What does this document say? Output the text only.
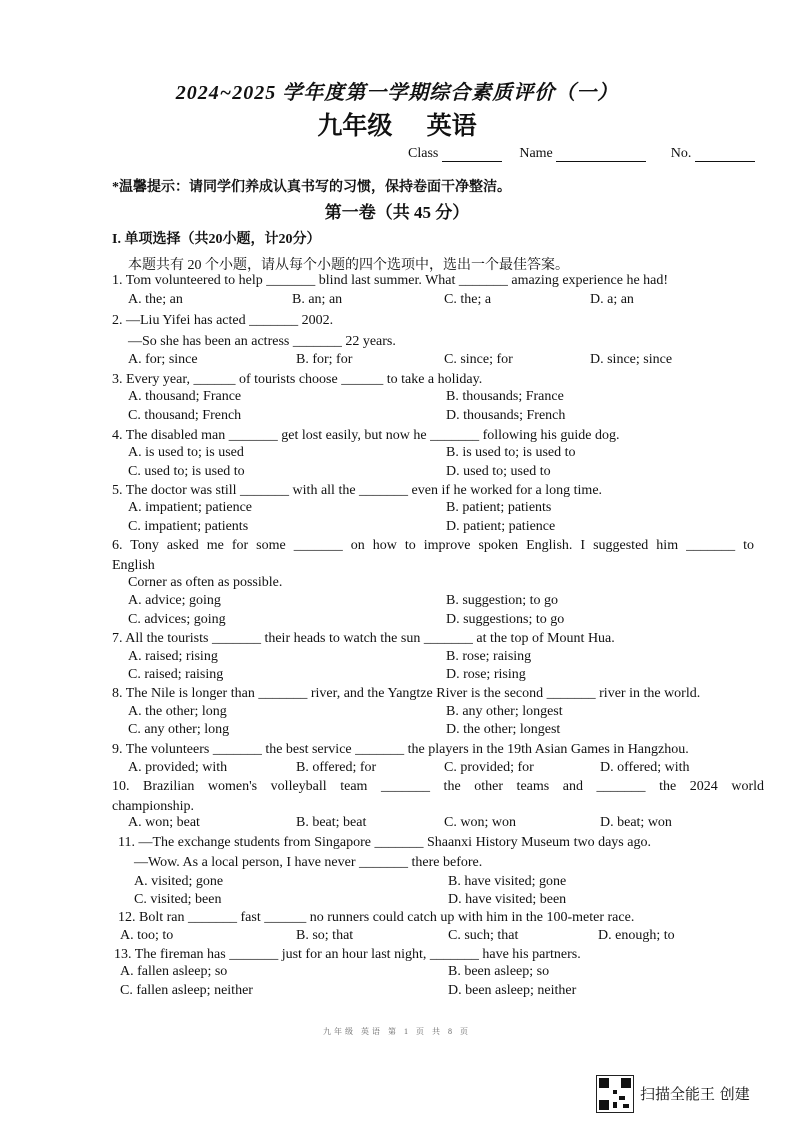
2024~2025 学年度第一学期综合素质评价（一）
九年级 英语
Class	Name	No.
*温馨提示：请同学们养成认真书写的习惯，保持卷面干净整洁。
第一卷（共 45 分）
I. 单项选择（共20小题，计20分）
本题共有 20 个小题，请从每个小题的四个选项中，选出一个最佳答案。
1. Tom volunteered to help _______ blind last summer. What _______ amazing experience he had!
A. the; an	B. an; an	C. the; a	D. a; an
2. —Liu Yifei has acted _______ 2002.
—So she has been an actress _______ 22 years.
A. for; since	B. for; for	C. since; for	D. since; since
3. Every year, ______ of tourists choose ______ to take a holiday.
A. thousand; France	B. thousands; France
C. thousand; French	D. thousands; French
4. The disabled man _______ get lost easily, but now he _______ following his guide dog.
A. is used to; is used	B. is used to; is used to
C. used to; is used to	D. used to; used to
5. The doctor was still _______ with all the _______ even if he worked for a long time.
A. impatient; patience	B. patient; patients
C. impatient; patients	D. patient; patience
6. Tony asked me for some _______ on how to improve spoken English. I suggested him _______ to
English
Corner as often as possible.
A. advice; going	B. suggestion; to go
C. advices; going	D. suggestions; to go
7. All the tourists _______ their heads to watch the sun _______ at the top of Mount Hua.
A. raised; rising	B. rose; raising
C. raised; raising	D. rose; rising
8. The Nile is longer than _______ river, and the Yangtze River is the second _______ river in the world.
A. the other; long	B. any other; longest
C. any other; long	D. the other; longest
9. The volunteers _______ the best service _______ the players in the 19th Asian Games in Hangzhou.
A. provided; with	B. offered; for	C. provided; for	D. offered; with
10. Brazilian women's volleyball team _______ the other teams and _______ the 2024 world
championship.
A. won; beat	B. beat; beat	C. won; won	D. beat; won
11. —The exchange students from Singapore _______ Shaanxi History Museum two days ago.
—Wow. As a local person, I have never _______ there before.
A. visited; gone	B. have visited; gone
C. visited; been	D. have visited; been
12. Bolt ran _______ fast ______ no runners could catch up with him in the 100-meter race.
A. too; to	B. so; that	C. such; that	D. enough; to
13. The fireman has _______ just for an hour last night, _______ have his partners.
A. fallen asleep; so	B. been asleep; so
C. fallen asleep; neither	D. been asleep; neither
九年级 英语 第 1 页 共 8 页
扫描全能王 创建
